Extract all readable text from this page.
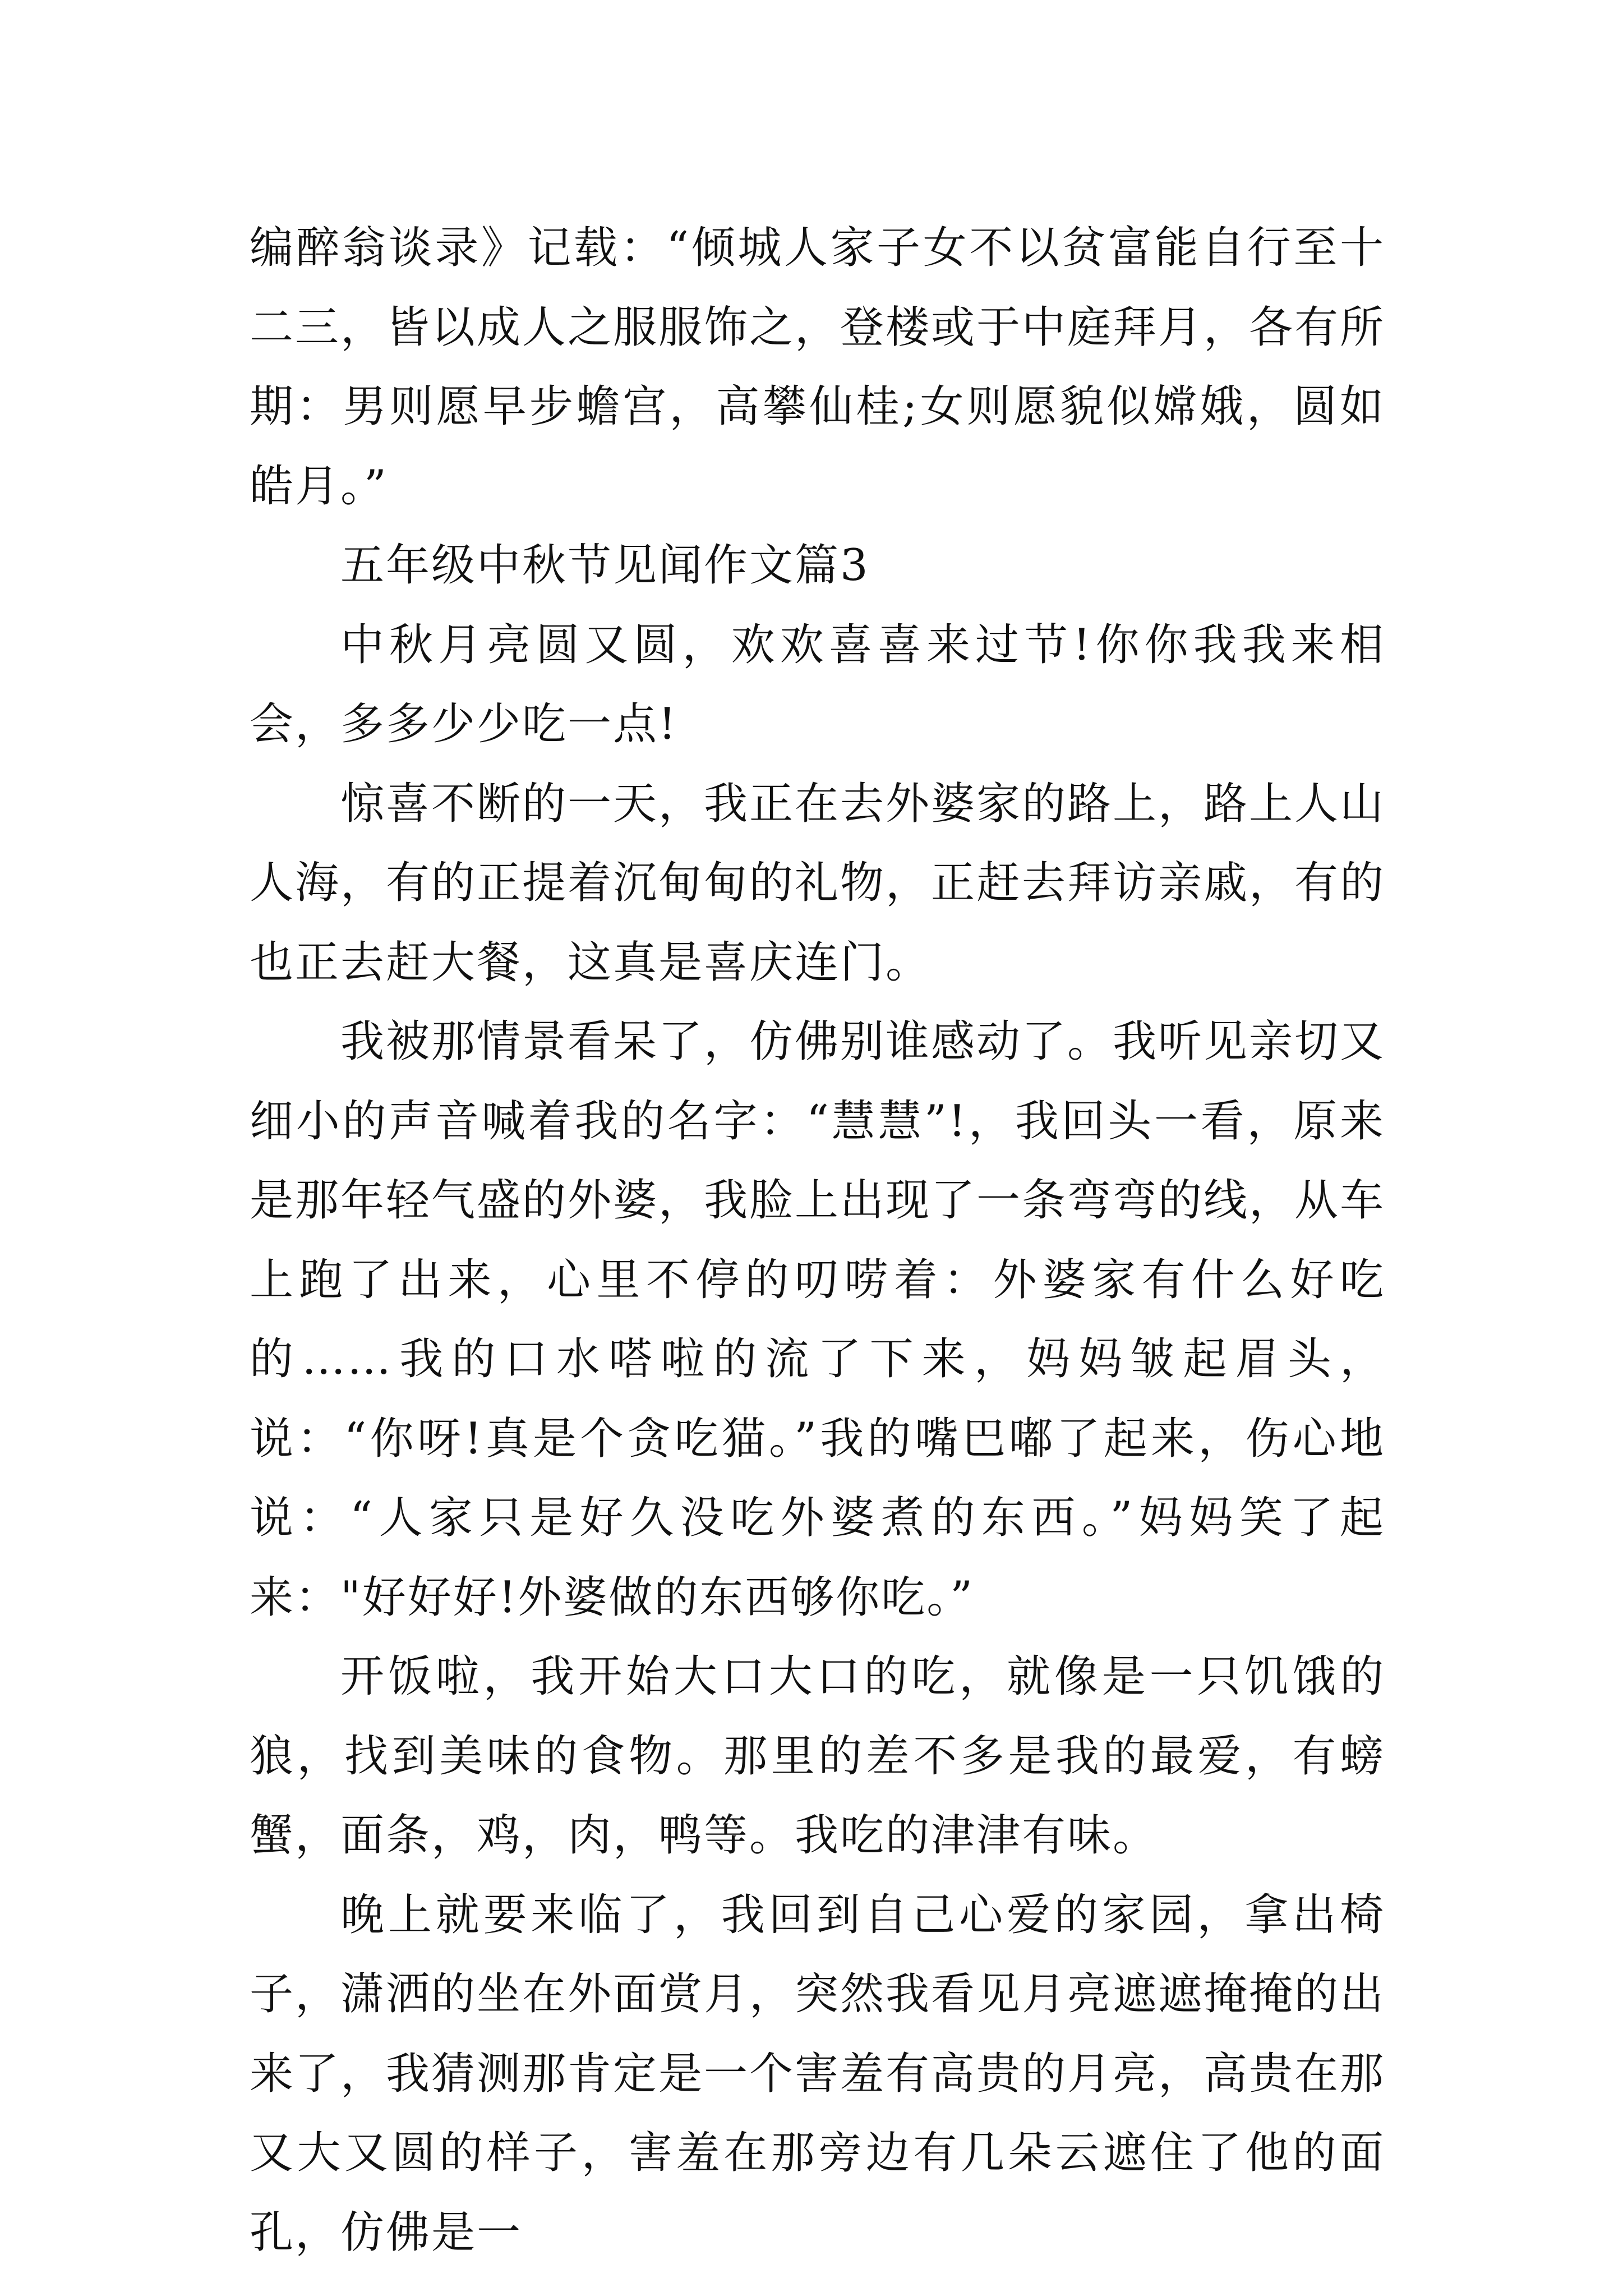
编醉翁谈录》记载：“倾城人家子女不以贫富能自行至十二三，皆以成人之服服饰之，登楼或于中庭拜月，各有所期：男则愿早步蟾宫，高攀仙桂;女则愿貌似嫦娥，圆如皓月。”

五年级中秋节见闻作文篇3

中秋月亮圆又圆，欢欢喜喜来过节!你你我我来相会，多多少少吃一点!

惊喜不断的一天，我正在去外婆家的路上，路上人山人海，有的正提着沉甸甸的礼物，正赶去拜访亲戚，有的也正去赶大餐，这真是喜庆连门。

我被那情景看呆了，仿佛别谁感动了。我听见亲切又细小的声音喊着我的名字：“慧慧”!，我回头一看，原来是那年轻气盛的外婆，我脸上出现了一条弯弯的线，从车上跑了出来，心里不停的叨唠着：外婆家有什么好吃的……我的口水嗒啦的流了下来，妈妈皱起眉头，说：“你呀!真是个贪吃猫。”我的嘴巴嘟了起来，伤心地说：“人家只是好久没吃外婆煮的东西。”妈妈笑了起来："好好好!外婆做的东西够你吃。”

开饭啦，我开始大口大口的吃，就像是一只饥饿的狼，找到美味的食物。那里的差不多是我的最爱，有螃蟹，面条，鸡，肉，鸭等。我吃的津津有味。

晚上就要来临了，我回到自己心爱的家园，拿出椅子，潇洒的坐在外面赏月，突然我看见月亮遮遮掩掩的出来了，我猜测那肯定是一个害羞有高贵的月亮，高贵在那又大又圆的样子，害羞在那旁边有几朵云遮住了他的面孔，仿佛是一
